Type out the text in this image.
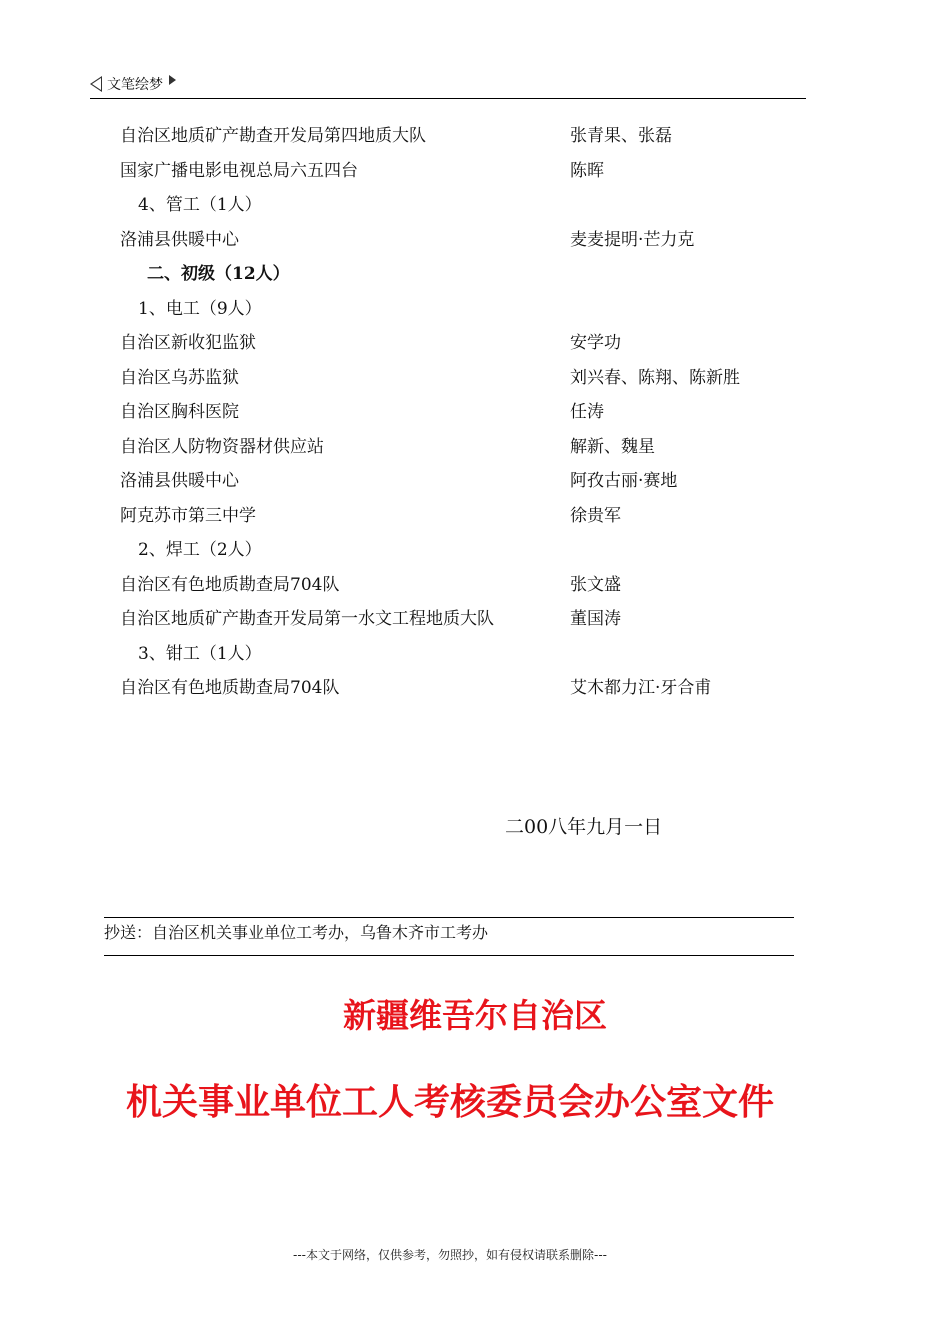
文笔绘梦
自治区地质矿产勘查开发局第四地质大队	张青果、张磊
国家广播电影电视总局六五四台	陈晖
4、管工（1人）
洛浦县供暖中心	麦麦提明·芒力克
二、初级（12人）
1、电工（9人）
自治区新收犯监狱	安学功
自治区乌苏监狱	刘兴春、陈翔、陈新胜
自治区胸科医院	任涛
自治区人防物资器材供应站	解新、魏星
洛浦县供暖中心	阿孜古丽·赛地
阿克苏市第三中学	徐贵军
2、焊工（2人）
自治区有色地质勘查局704队	张文盛
自治区地质矿产勘查开发局第一水文工程地质大队	董国涛
3、钳工（1人）
自治区有色地质勘查局704队	艾木都力江·牙合甫
二00八年九月一日
抄送：自治区机关事业单位工考办，乌鲁木齐市工考办
新疆维吾尔自治区
机关事业单位工人考核委员会办公室文件
---本文于网络，仅供参考，勿照抄，如有侵权请联系删除---
